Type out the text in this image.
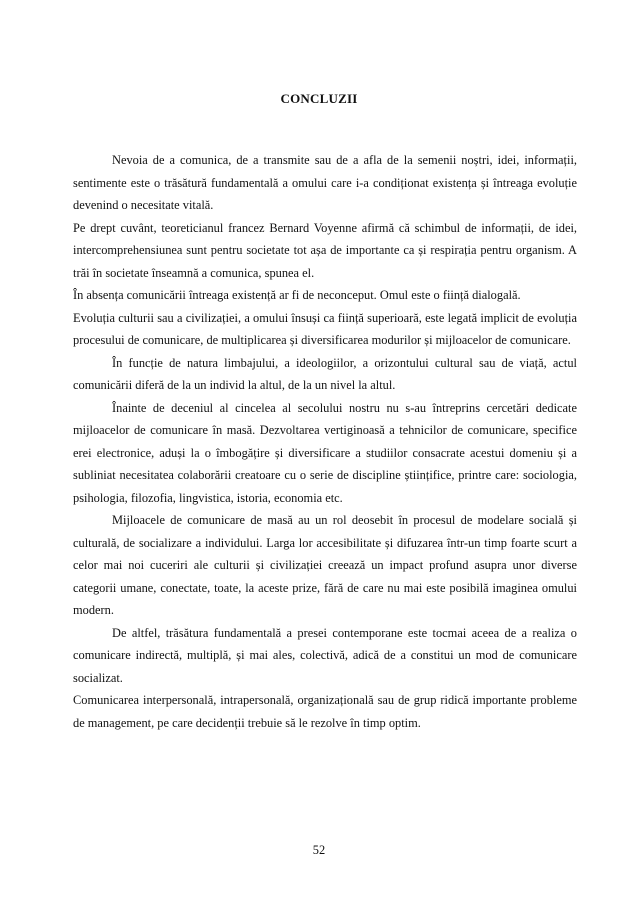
CONCLUZII

Nevoia de a comunica, de a transmite sau de a afla de la semenii noștri, idei, informații, sentimente este o trăsătură fundamentală a omului care i-a condiționat existența și întreaga evoluție devenind o necesitate vitală.

Pe drept cuvânt, teoreticianul francez Bernard Voyenne afirmă că schimbul de informații, de idei, intercomprehensiunea sunt pentru societate tot așa de importante ca și respirația pentru organism. A trăi în societate înseamnă a comunica, spunea el.

În absența comunicării întreaga existență ar fi de neconceput. Omul este o ființă dialogală.

Evoluția culturii sau a civilizației, a omului însuși ca ființă superioară, este legată implicit de evoluția procesului de comunicare, de multiplicarea și diversificarea modurilor și mijloacelor de comunicare.

În funcție de natura limbajului, a ideologiilor, a orizontului cultural sau de viață, actul comunicării diferă de la un individ la altul, de la un nivel la altul.

Înainte de deceniul al cincelea al secolului nostru nu s-au întreprins cercetări dedicate mijloacelor de comunicare în masă. Dezvoltarea vertiginoasă a tehnicilor de comunicare, specifice erei electronice, aduși la o îmbogățire și diversificare a studiilor consacrate acestui domeniu și a subliniat necesitatea colaborării creatoare cu o serie de discipline științifice, printre care: sociologia, psihologia, filozofia, lingvistica, istoria, economia etc.

Mijloacele de comunicare de masă au un rol deosebit în procesul de modelare socială și culturală, de socializare a individului. Larga lor accesibilitate și difuzarea într-un timp foarte scurt a celor mai noi cuceriri ale culturii și civilizației creează un impact profund asupra unor diverse categorii umane, conectate, toate, la aceste prize, fără de care nu mai este posibilă imaginea omului modern.

De altfel, trăsătura fundamentală a presei contemporane este tocmai aceea de a realiza o comunicare indirectă, multiplă, și mai ales, colectivă, adică de a constitui un mod de comunicare socializat.

Comunicarea interpersonală, intrapersonală, organizațională sau de grup ridică importante probleme de management, pe care decidenții trebuie să le rezolve în timp optim.

52
